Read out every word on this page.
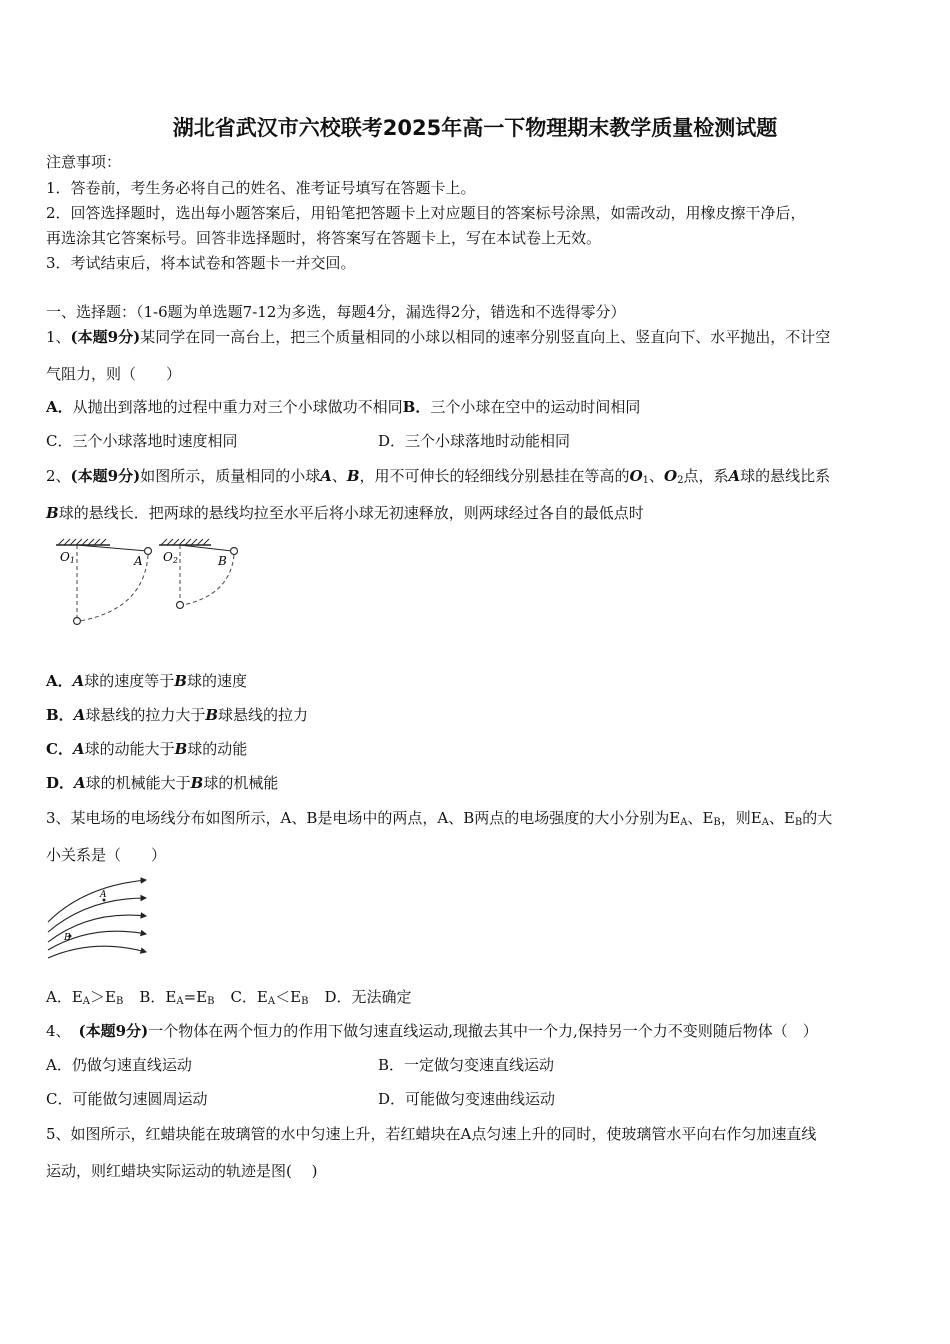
湖北省武汉市六校联考2025年高一下物理期末教学质量检测试题
注意事项：
1．答卷前，考生务必将自己的姓名、准考证号填写在答题卡上。
2．回答选择题时，选出每小题答案后，用铅笔把答题卡上对应题目的答案标号涂黑，如需改动，用橡皮擦干净后，
再选涂其它答案标号。回答非选择题时，将答案写在答题卡上，写在本试卷上无效。
3．考试结束后，将本试卷和答题卡一并交回。
一、选择题：（1-6题为单选题7-12为多选，每题4分，漏选得2分，错选和不选得零分）
1、(本题9分)某同学在同一高台上，把三个质量相同的小球以相同的速率分别竖直向上、竖直向下、水平抛出，不计空
气阻力，则（　　）
A．从抛出到落地的过程中重力对三个小球做功不相同B．三个小球在空中的运动时间相同
C．三个小球落地时速度相同	D．三个小球落地时动能相同
2、(本题9分)如图所示，质量相同的小球A、B，用不可伸长的轻细线分别悬挂在等高的$O_1$、$O_2$点，系A球的悬线比系
B球的悬线长．把两球的悬线均拉至水平后将小球无初速释放，则两球经过各自的最低点时
O1	A O2	B
A．A球的速度等于B球的速度
B．A球悬线的拉力大于B球悬线的拉力
C．A球的动能大于B球的动能
D．A球的机械能大于B球的机械能
3、某电场的电场线分布如图所示，A、B是电场中的两点，A、B两点的电场强度的大小分别为$E_A$、$E_B$，则$E_A$、$E_B$的大
小关系是（　　）
A
B
A．$E_A>E_B$ B．$E_A=E_B$ C．$E_A<E_B$ D．无法确定
4、 (本题9分)一个物体在两个恒力的作用下做匀速直线运动,现撤去其中一个力,保持另一个力不变则随后物体（　）
A．仍做匀速直线运动	B．一定做匀变速直线运动
C．可能做匀速圆周运动	D．可能做匀变速曲线运动
5、如图所示，红蜡块能在玻璃管的水中匀速上升，若红蜡块在A点匀速上升的同时，使玻璃管水平向右作匀加速直线
运动，则红蜡块实际运动的轨迹是图(　 )
